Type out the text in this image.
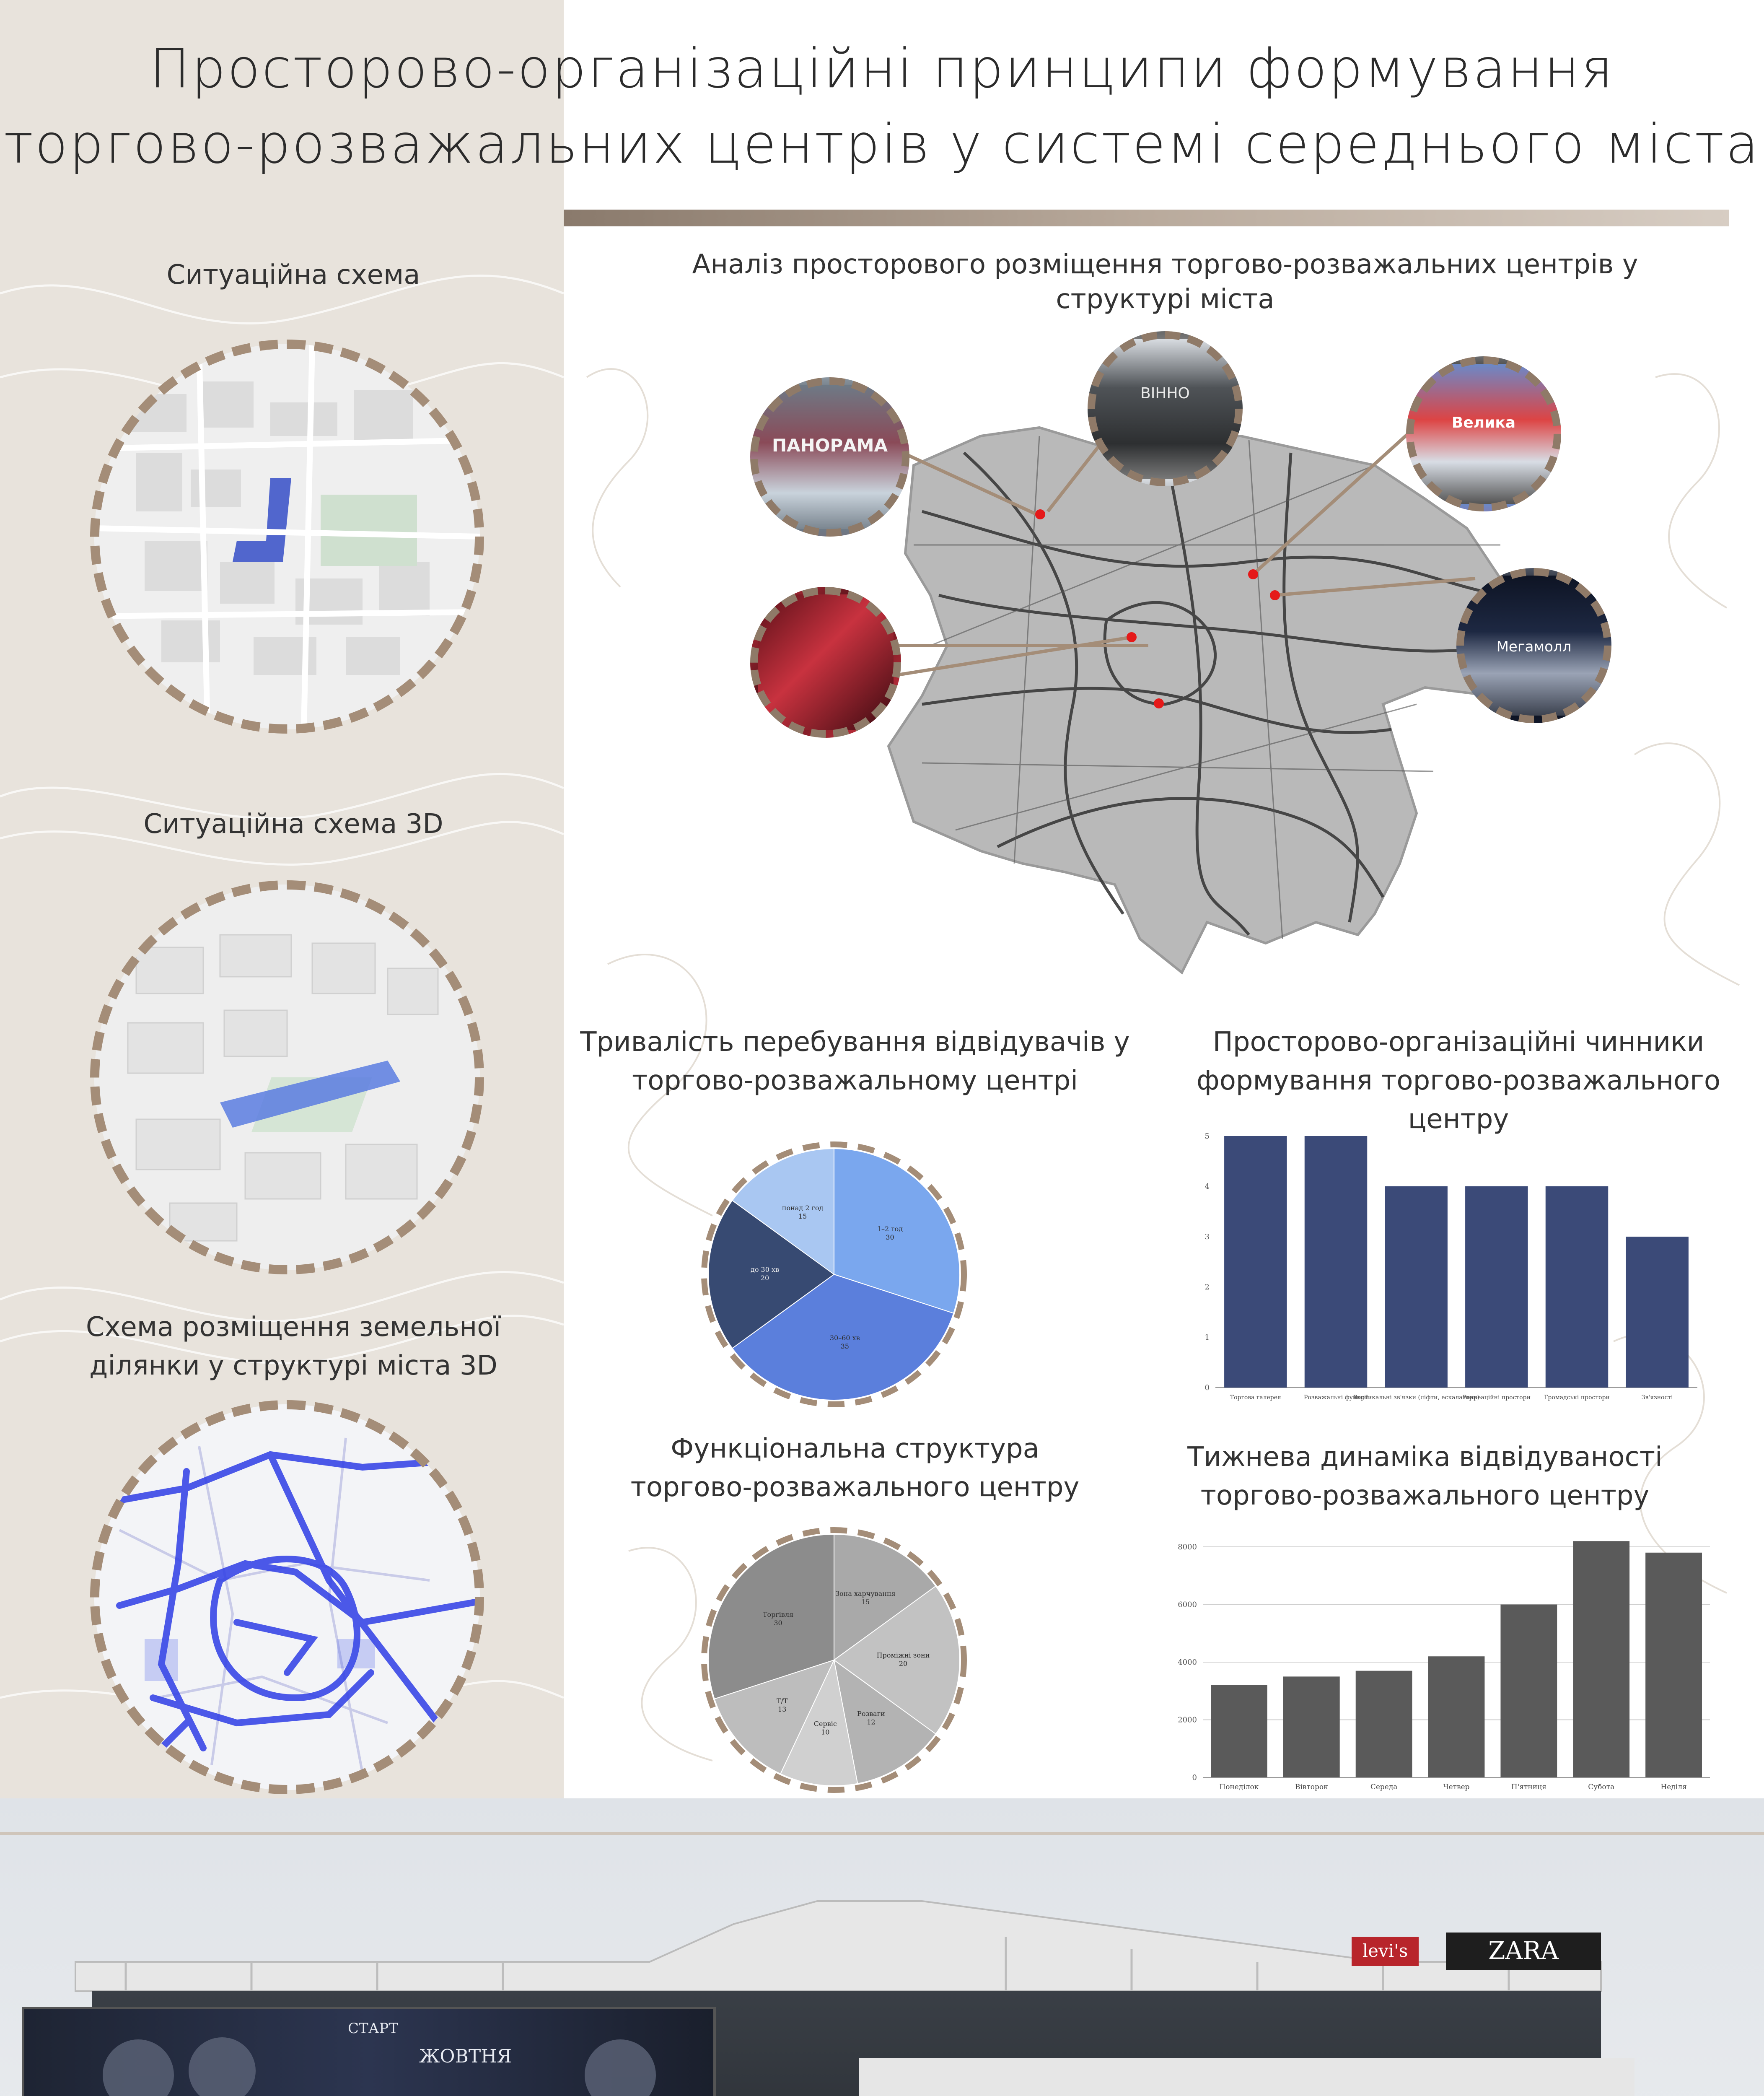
Просторово-організаційні принципи формування
торгово-розважальних центрів у системі середнього міста
Ситуаційна схема
Ситуаційна схема 3D
Схема розміщення земельної
ділянки у структурі міста 3D
Аналіз просторового розміщення торгово-розважальних центрів у
структурі міста
ПАНОРАМА
ВІННО
Велика
Мегамолл
Тривалість перебування відвідувачів у
торгово-розважальному центрі
Просторово-організаційні чинники
формування торгово-розважального
центру
Функціональна структура
торгово-розважального центру
Тижнева динаміка відвідуваності
торгово-розважального центру
1–2 год
30
30–60 хв
35
до 30 хв
20
понад 2 год
15
0
1
2
3
4
5
Торгова галерея	Розважальні функції
Вертикальні зв'язки (ліфти, ескалатори)
Рекреаційні простори Громадські простори	Зв'язності
Зона харчування
15
Проміжні зони
20
Розваги
12
Сервіс
10
Т/Т
13
Торгівля
30
0
2000
4000
6000
8000
Понеділок	Вівторок	Середа	Четвер	П'ятниця	Субота	Неділя
ЖОВТНЯ
СТАРТ
levi's	ZARA
